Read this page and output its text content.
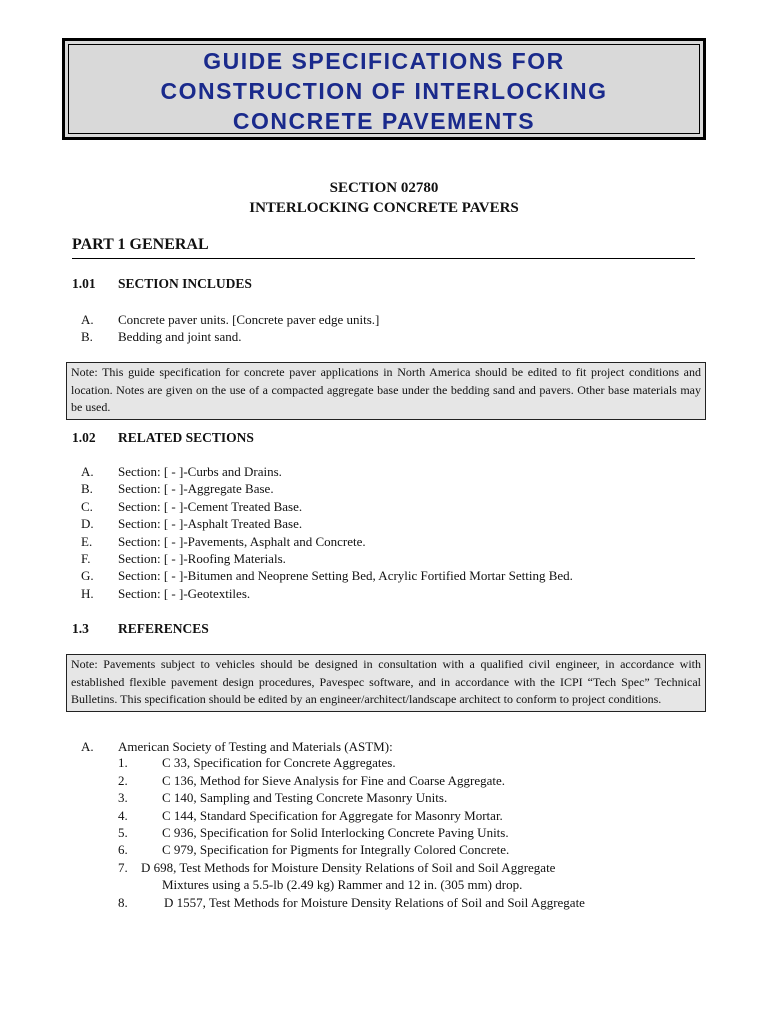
GUIDE SPECIFICATIONS FOR
CONSTRUCTION OF INTERLOCKING
CONCRETE PAVEMENTS
SECTION 02780
INTERLOCKING CONCRETE PAVERS
PART 1 GENERAL
1.01 SECTION INCLUDES
A. Concrete paver units. [Concrete paver edge units.]
B. Bedding and joint sand.
Note: This guide specification for concrete paver applications in North America should be edited to fit project conditions and location. Notes are given on the use of a compacted aggregate base under the bedding sand and pavers. Other base materials may be used.
1.02 RELATED SECTIONS
A. Section: [ - ]-Curbs and Drains.
B. Section: [ - ]-Aggregate Base.
C. Section: [ - ]-Cement Treated Base.
D. Section: [ - ]-Asphalt Treated Base.
E. Section: [ - ]-Pavements, Asphalt and Concrete.
F. Section: [ - ]-Roofing Materials.
G. Section: [ - ]-Bitumen and Neoprene Setting Bed, Acrylic Fortified Mortar Setting Bed.
H. Section: [ - ]-Geotextiles.
1.3 REFERENCES
Note: Pavements subject to vehicles should be designed in consultation with a qualified civil engineer, in accordance with established flexible pavement design procedures, Pavespec software, and in accordance with the ICPI “Tech Spec” Technical Bulletins. This specification should be edited by an engineer/architect/landscape architect to conform to project conditions.
A. American Society of Testing and Materials (ASTM):
1.	C 33, Specification for Concrete Aggregates.
2.	C 136, Method for Sieve Analysis for Fine and Coarse Aggregate.
3.	C 140, Sampling and Testing Concrete Masonry Units.
4.	C 144, Standard Specification for Aggregate for Masonry Mortar.
5.	C 936, Specification for Solid Interlocking Concrete Paving Units.
6.	C 979, Specification for Pigments for Integrally Colored Concrete.
7. D 698, Test Methods for Moisture Density Relations of Soil and Soil Aggregate
Mixtures using a 5.5-lb (2.49 kg) Rammer and 12 in. (305 mm) drop.
8.	D 1557, Test Methods for Moisture Density Relations of Soil and Soil Aggregate
